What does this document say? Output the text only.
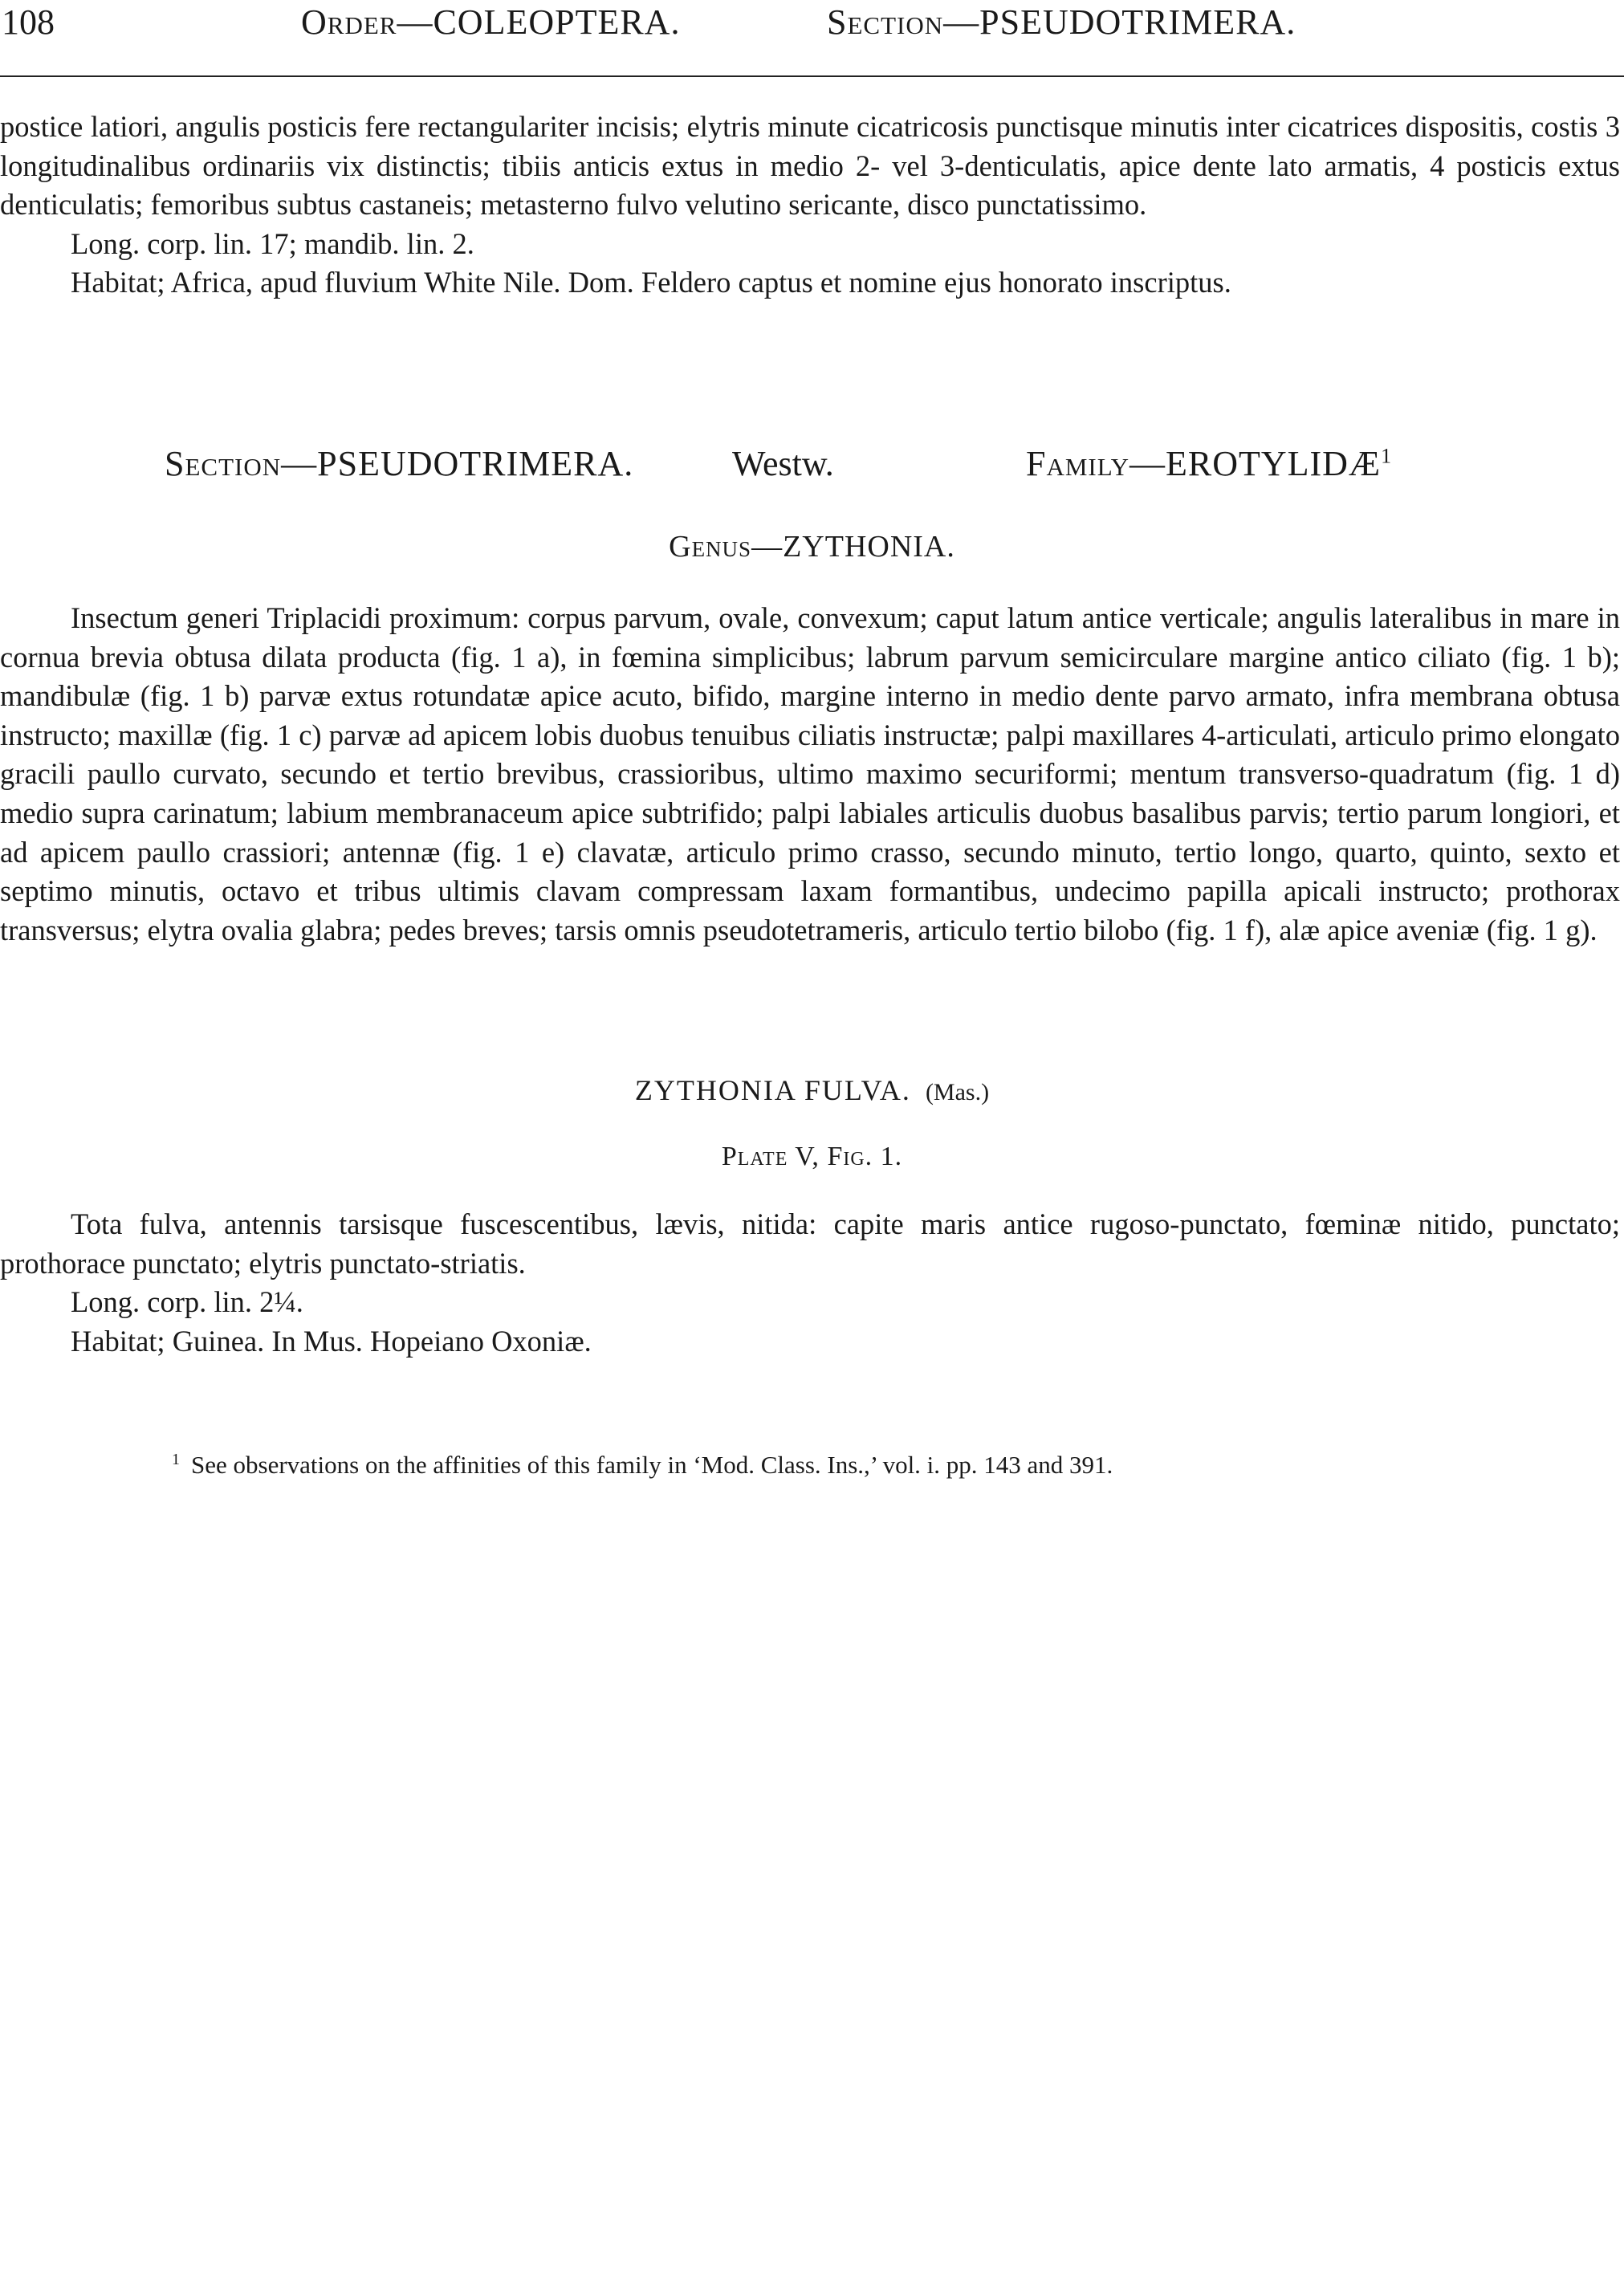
108	Order—COLEOPTERA.	Section—PSEUDOTRIMERA.

postice latiori, angulis posticis fere rectangulariter incisis; elytris minute cicatricosis punctisque minutis inter cicatrices dispositis, costis 3 longitudinalibus ordinariis vix distinctis; tibiis anticis extus in medio 2- vel 3-denticulatis, apice dente lato armatis, 4 posticis extus denticulatis; femoribus subtus castaneis; metasterno fulvo velutino sericante, disco punctatissimo.

Long. corp. lin. 17; mandib. lin. 2.

Habitat; Africa, apud fluvium White Nile. Dom. Feldero captus et nomine ejus honorato inscriptus.

Section—PSEUDOTRIMERA.	Westw.	Family—EROTYLIDÆ$^1$
Genus—ZYTHONIA.

Insectum generi Triplacidi proximum: corpus parvum, ovale, convexum; caput latum antice verticale; angulis lateralibus in mare in cornua brevia obtusa dilata producta (fig. 1 a), in fœmina simplicibus; labrum parvum semicirculare margine antico ciliato (fig. 1 b); mandibulæ (fig. 1 b) parvæ extus rotundatæ apice acuto, bifido, margine interno in medio dente parvo armato, infra membrana obtusa instructo; maxillæ (fig. 1 c) parvæ ad apicem lobis duobus tenuibus ciliatis instructæ; palpi maxillares 4-articulati, articulo primo elongato gracili paullo curvato, secundo et tertio brevibus, crassioribus, ultimo maximo securiformi; mentum transverso-quadratum (fig. 1 d) medio supra carinatum; labium membranaceum apice subtrifido; palpi labiales articulis duobus basalibus parvis; tertio parum longiori, et ad apicem paullo crassiori; antennæ (fig. 1 e) clavatæ, articulo primo crasso, secundo minuto, tertio longo, quarto, quinto, sexto et septimo minutis, octavo et tribus ultimis clavam compressam laxam formantibus, undecimo papilla apicali instructo; prothorax transversus; elytra ovalia glabra; pedes breves; tarsis omnis pseudotetrameris, articulo tertio bilobo (fig. 1 f), alæ apice aveniæ (fig. 1 g).

ZYTHONIA FULVA. (Mas.)
Plate V, Fig. 1.

Tota fulva, antennis tarsisque fuscescentibus, lævis, nitida: capite maris antice rugoso-punctato, fœminæ nitido, punctato; prothorace punctato; elytris punctato-striatis.

Long. corp. lin. 2¼.

Habitat; Guinea. In Mus. Hopeiano Oxoniæ.

$^1$ See observations on the affinities of this family in ‘Mod. Class. Ins.,’ vol. i. pp. 143 and 391.
